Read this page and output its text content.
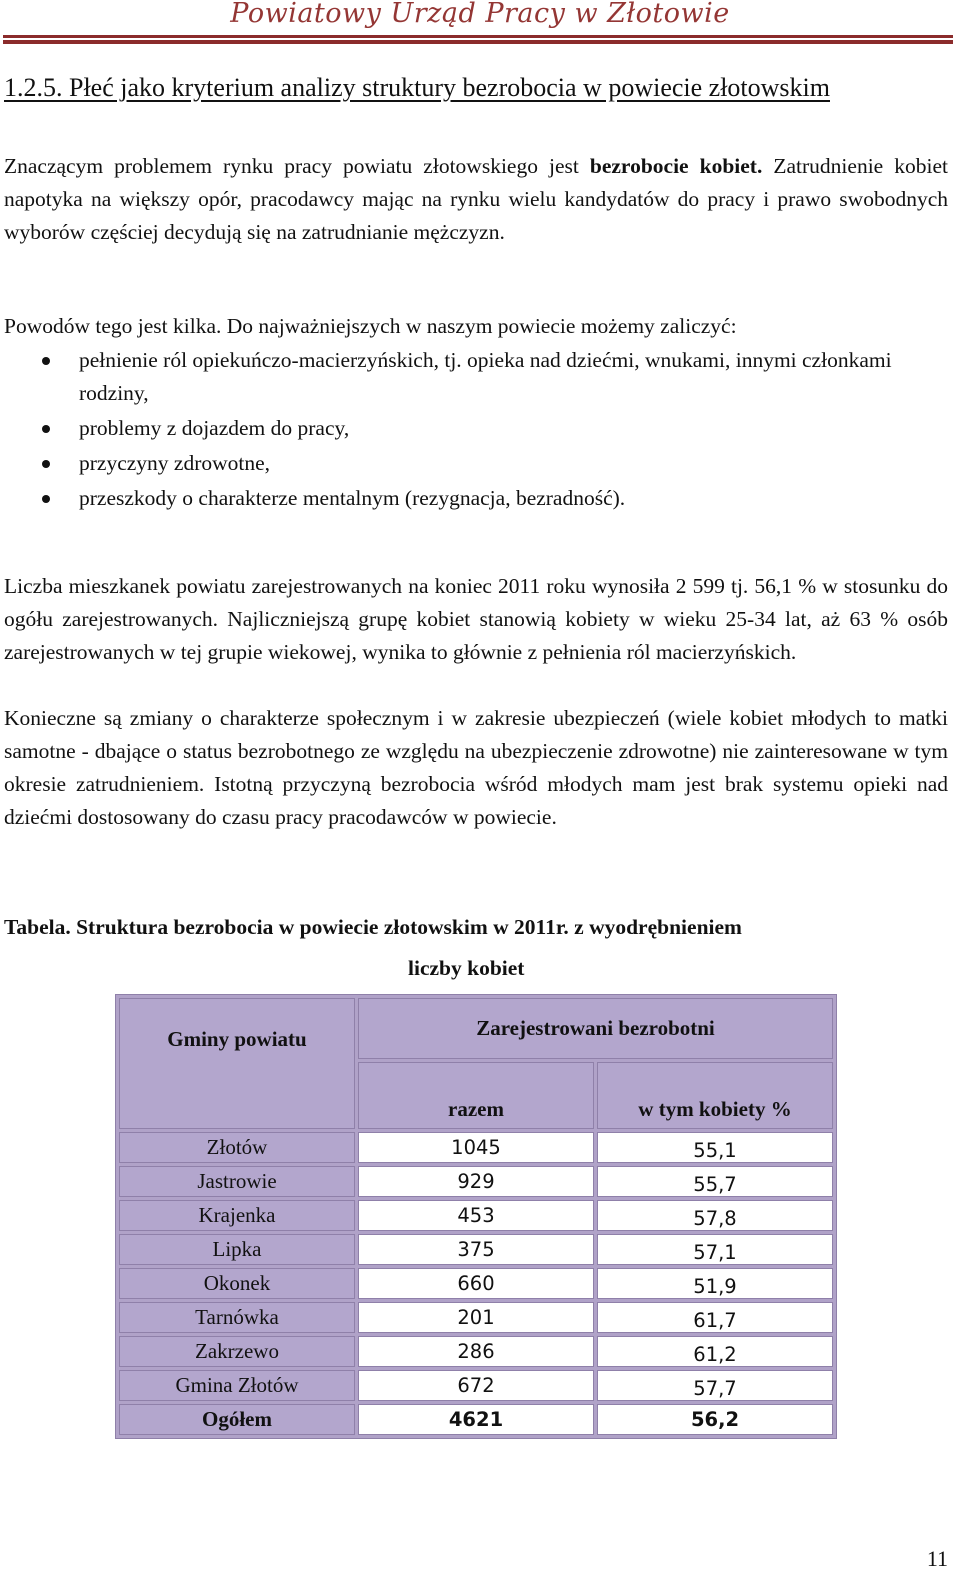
Powiatowy Urząd Pracy w Złotowie
1.2.5. Płeć jako kryterium analizy struktury bezrobocia w powiecie złotowskim

Znaczącym problemem rynku pracy powiatu złotowskiego jest bezrobocie kobiet. Zatrudnienie kobiet napotyka na większy opór, pracodawcy mając na rynku wielu kandydatów do pracy i prawo swobodnych wyborów częściej decydują się na zatrudnianie mężczyzn.

Powodów tego jest kilka. Do najważniejszych w naszym powiecie możemy zaliczyć:

pełnienie ról opiekuńczo-macierzyńskich, tj. opieka nad dziećmi, wnukami, innymi członkami rodziny,
problemy z dojazdem do pracy,
przyczyny zdrowotne,
przeszkody o charakterze mentalnym (rezygnacja, bezradność).

Liczba mieszkanek powiatu zarejestrowanych na koniec 2011 roku wynosiła 2 599 tj. 56,1 % w stosunku do ogółu zarejestrowanych. Najliczniejszą grupę kobiet stanowią kobiety w wieku 25-34 lat, aż 63 % osób zarejestrowanych w tej grupie wiekowej, wynika to głównie z pełnienia ról macierzyńskich.

Konieczne są zmiany o charakterze społecznym i w zakresie ubezpieczeń (wiele kobiet młodych to matki samotne - dbające o status bezrobotnego ze względu na ubezpieczenie zdrowotne) nie zainteresowane w tym okresie zatrudnieniem. Istotną przyczyną bezrobocia wśród młodych mam jest brak systemu opieki nad dziećmi dostosowany do czasu pracy pracodawców w powiecie.

Tabela. Struktura bezrobocia w powiecie złotowskim w 2011r. z wyodrębnieniem
liczby kobiet
Gminy powiatu	Zarejestrowani bezrobotni	
	razem	w tym kobiety %
Złotów	1045	55,1
Jastrowie	929	55,7
Krajenka	453	57,8
Lipka	375	57,1
Okonek	660	51,9
Tarnówka	201	61,7
Zakrzewo	286	61,2
Gmina Złotów	672	57,7
Ogółem	4621	56,2
11
